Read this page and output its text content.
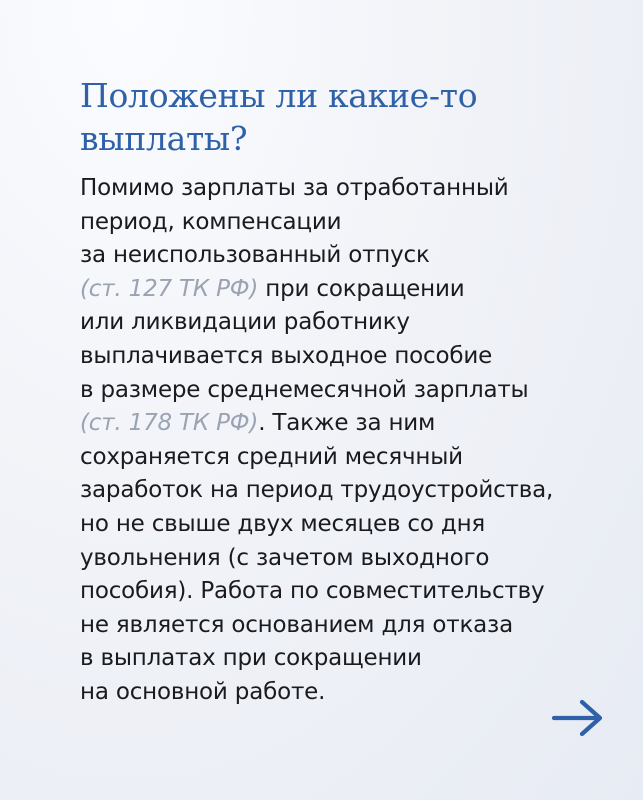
Положены ли какие-то
выплаты?
Помимо зарплаты за отработанный
период, компенсации
за неиспользованный отпуск
(ст. 127 ТК РФ) при сокращении
или ликвидации работнику
выплачивается выходное пособие
в размере среднемесячной зарплаты
(ст. 178 ТК РФ). Также за ним
сохраняется средний месячный
заработок на период трудоустройства,
но не свыше двух месяцев со дня
увольнения (с зачетом выходного
пособия). Работа по совместительству
не является основанием для отказа
в выплатах при сокращении
на основной работе.
